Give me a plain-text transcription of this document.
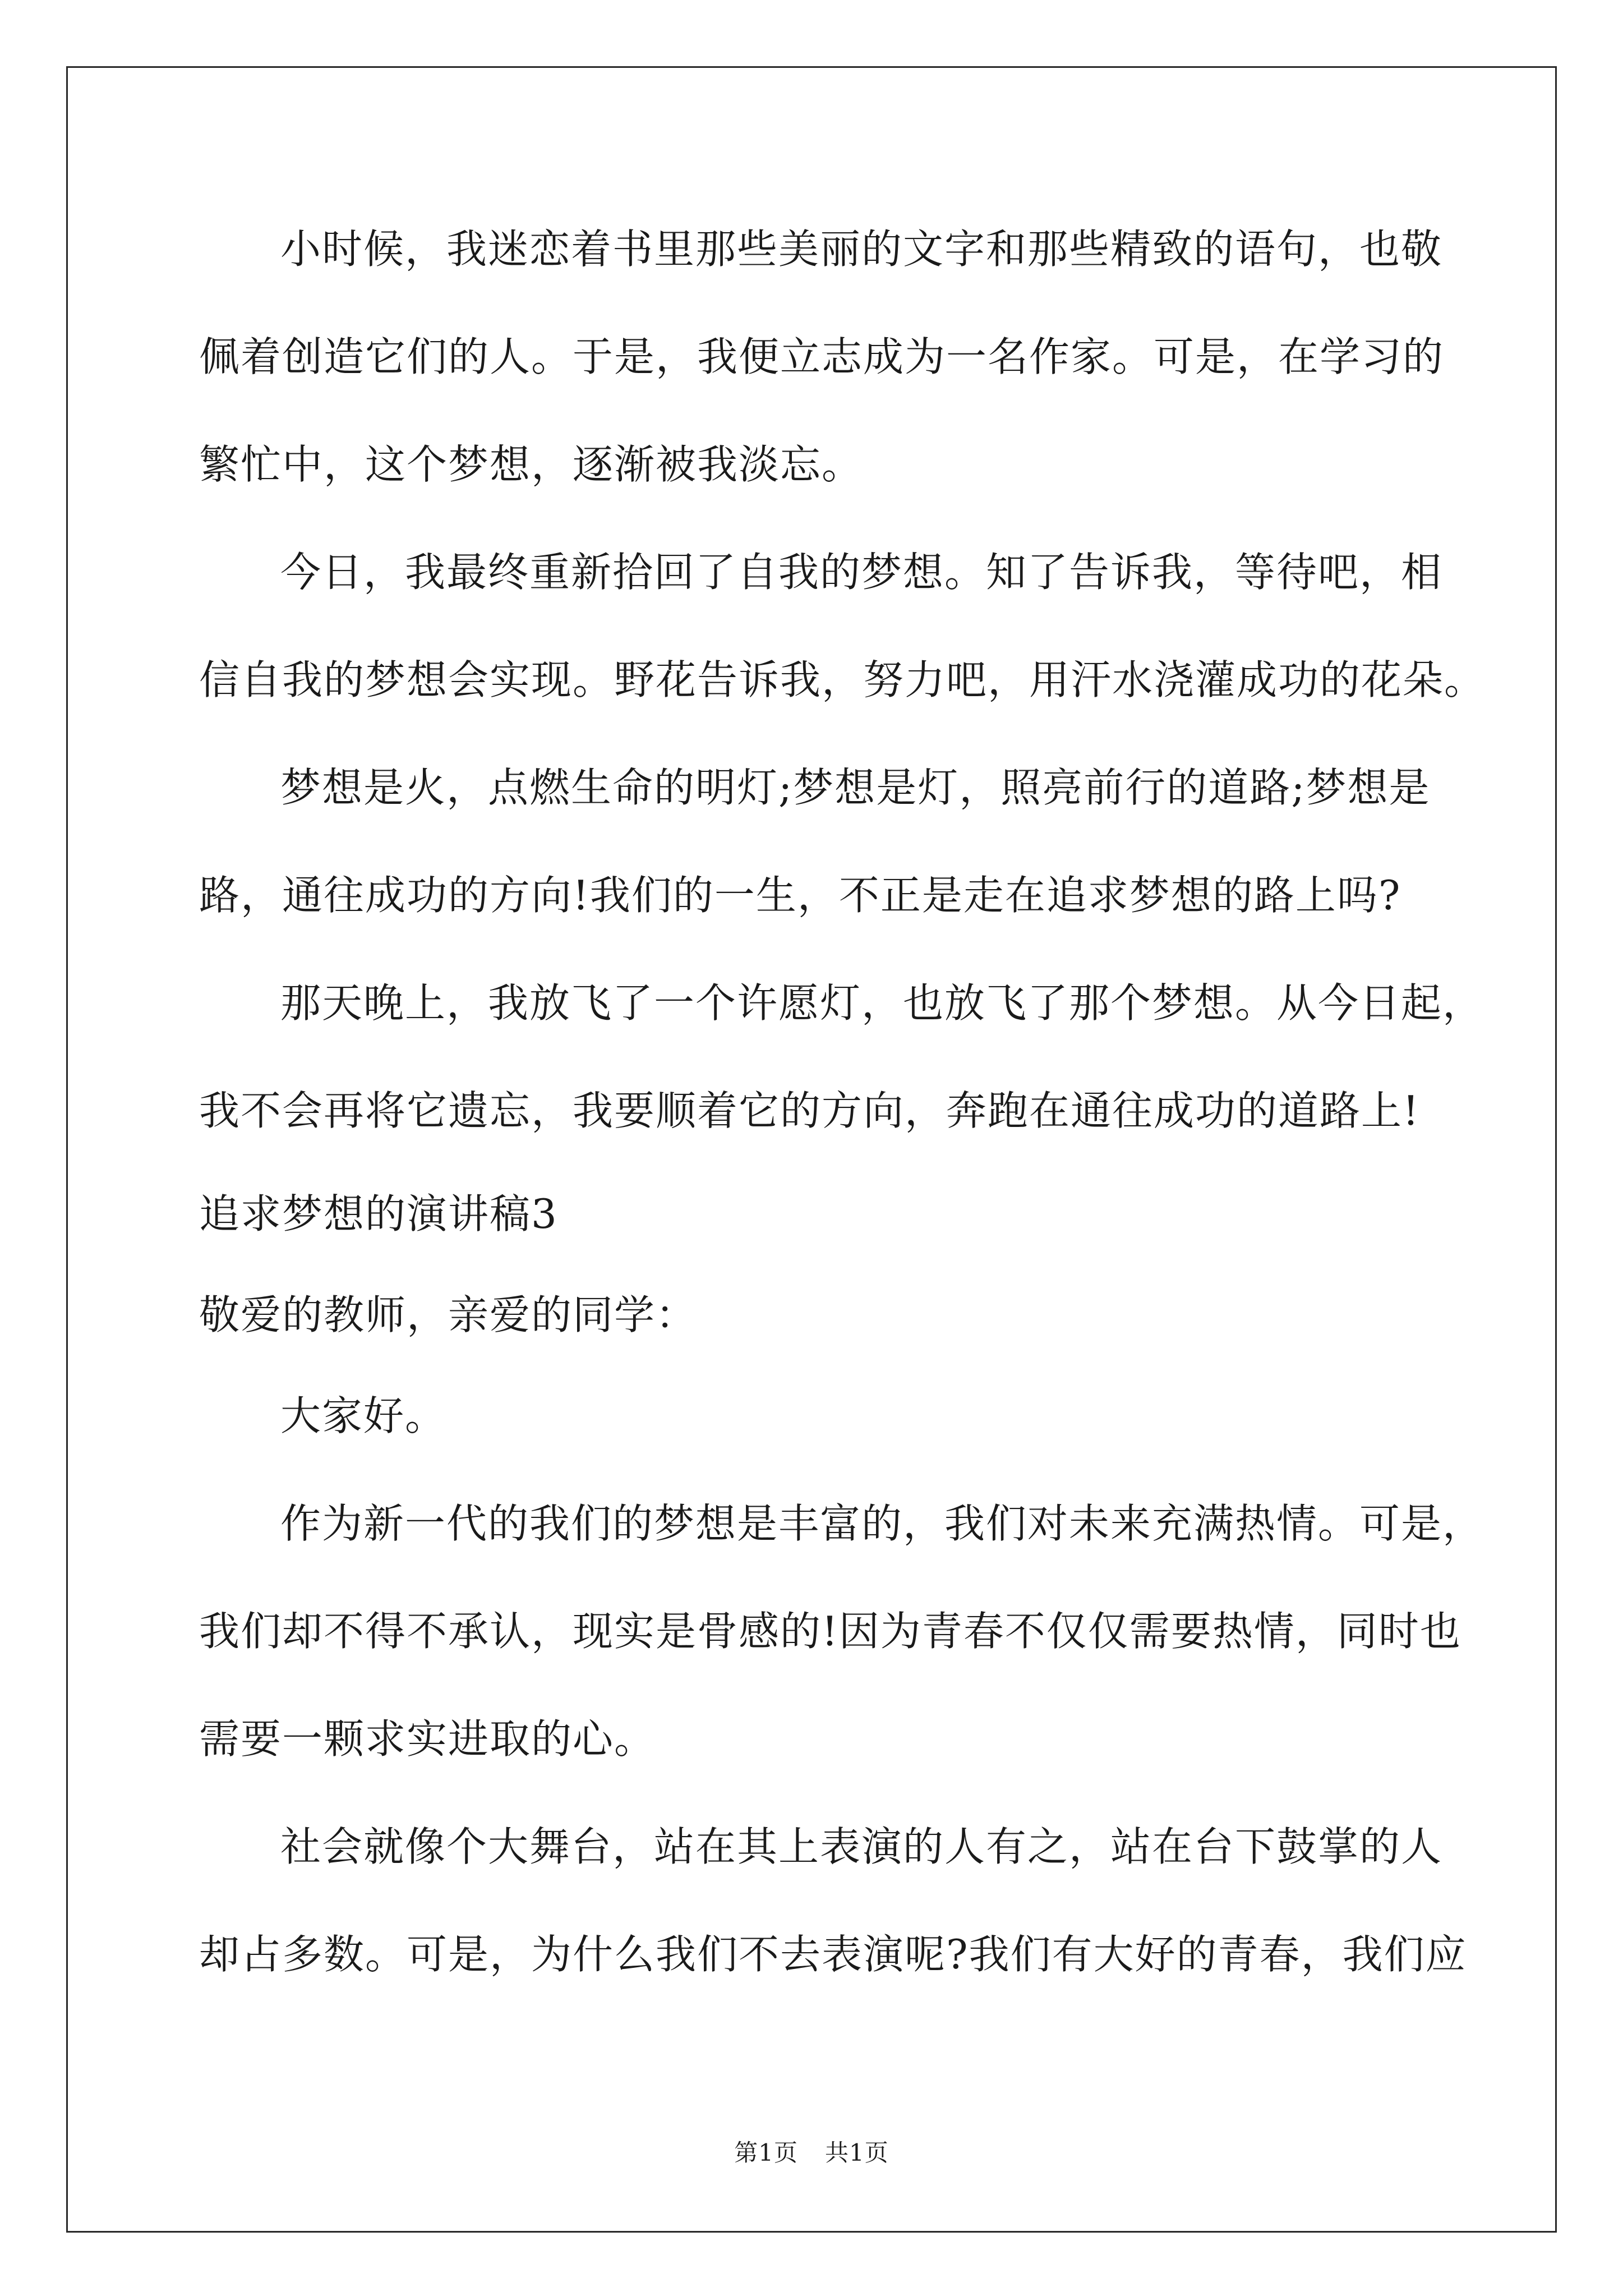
小时候，我迷恋着书里那些美丽的文字和那些精致的语句，也敬
佩着创造它们的人。于是，我便立志成为一名作家。可是，在学习的
繁忙中，这个梦想，逐渐被我淡忘。
今日，我最终重新拾回了自我的梦想。知了告诉我，等待吧，相
信自我的梦想会实现。野花告诉我，努力吧，用汗水浇灌成功的花朵。
梦想是火，点燃生命的明灯;梦想是灯，照亮前行的道路;梦想是
路，通往成功的方向!我们的一生，不正是走在追求梦想的路上吗?
那天晚上，我放飞了一个许愿灯，也放飞了那个梦想。从今日起，
我不会再将它遗忘，我要顺着它的方向，奔跑在通往成功的道路上!
追求梦想的演讲稿3
敬爱的教师，亲爱的同学：
大家好。
作为新一代的我们的梦想是丰富的，我们对未来充满热情。可是，
我们却不得不承认，现实是骨感的!因为青春不仅仅需要热情，同时也
需要一颗求实进取的心。
社会就像个大舞台，站在其上表演的人有之，站在台下鼓掌的人
却占多数。可是，为什么我们不去表演呢?我们有大好的青春，我们应
第1页 共1页
